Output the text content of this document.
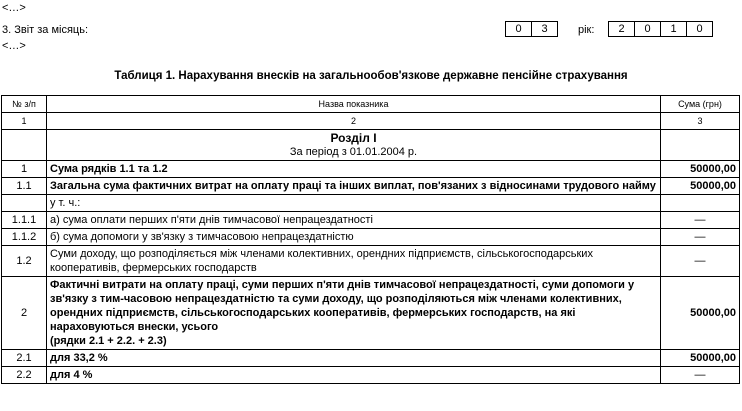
<…>
3. Звіт за місяць:
<…>
0	3	рік:	2	0	1	0
Таблиця 1. Нарахування внесків на загальнообов'язкове державне пенсійне страхування
№ з/п	Назва показника	Сума (грн)
1	2	3

	Розділ І
За період з 01.01.2004 р.	

1	Сума рядків 1.1 та 1.2	50000,00
1.1	Загальна сума фактичних витрат на оплату праці та інших виплат, пов'язаних з відносинами трудового найму	50000,00
	у т. ч.:	
1.1.1	а) сума оплати перших п'яти днів тимчасової непрацездатності	—
1.1.2	б) сума допомоги у зв'язку з тимчасовою непрацездатністю	—
1.2	Суми доходу, що розподіляється між членами колективних, орендних підприємств, сільськогосподарських кооперативів, фермерських господарств	—
2	Фактичні витрати на оплату праці, суми перших п'яти днів тимчасової непрацездатності, суми допомоги у зв'язку з тим-часовою непрацездатністю та суми доходу, що розподіляються між членами колективних, орендних підприємств, сільськогосподарських кооперативів, фермерських господарств, на які нараховуються внески, усього
(рядки 2.1 + 2.2. + 2.3)	50000,00
2.1	для 33,2 %	50000,00
2.2	для 4 %	—
